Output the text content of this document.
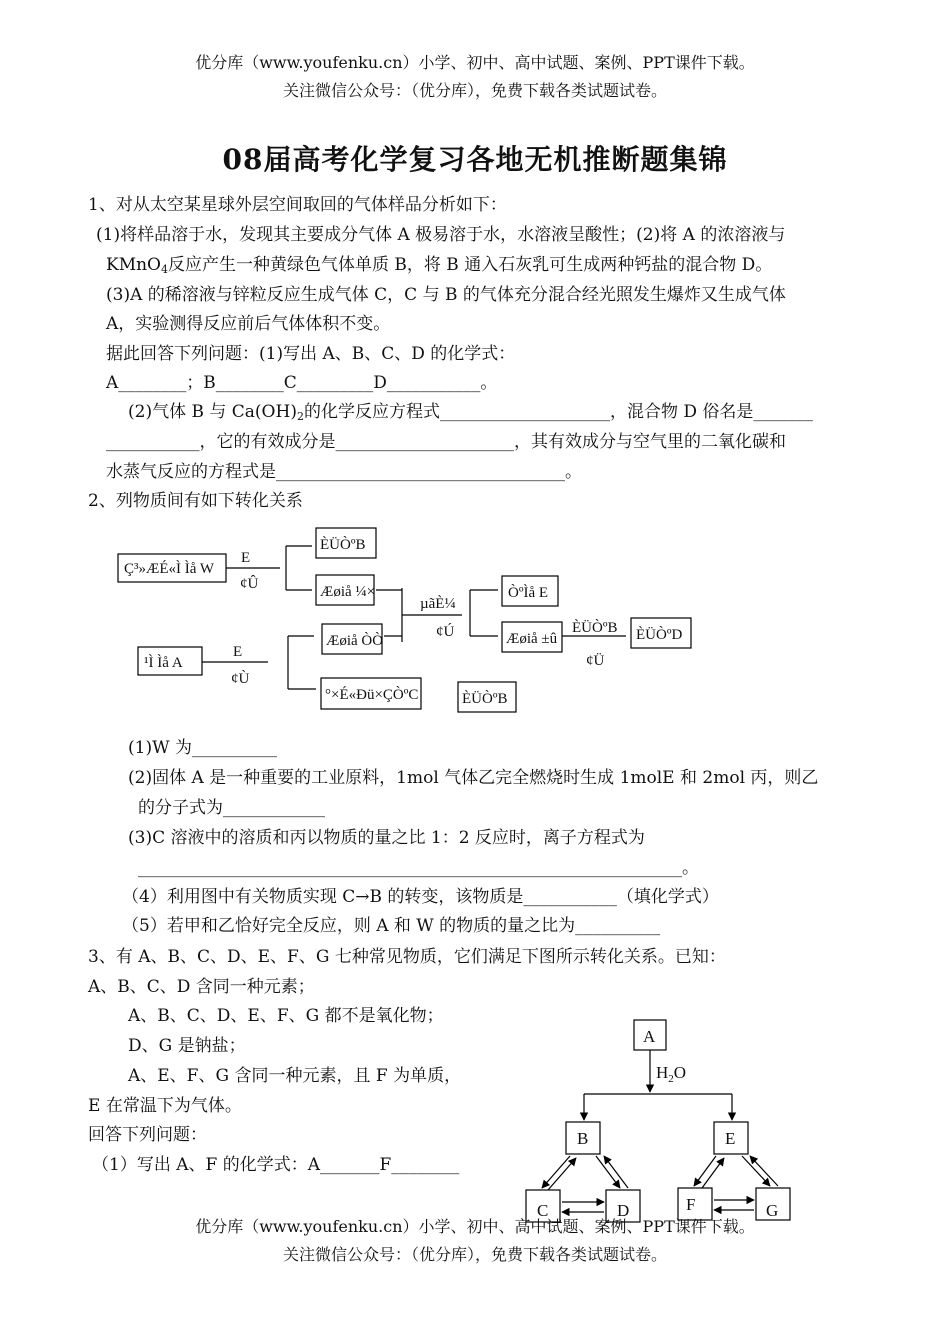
优分库（www.youfenku.cn）小学、初中、高中试题、案例、PPT课件下载。
关注微信公众号：（优分库），免费下载各类试题试卷。
08届高考化学复习各地无机推断题集锦
1、对从太空某星球外层空间取回的气体样品分析如下：
(1)将样品溶于水，发现其主要成分气体 A 极易溶于水，水溶液呈酸性；(2)将 A 的浓溶液与
KMnO$_4$反应产生一种黄绿色气体单质 B，将 B 通入石灰乳可生成两种钙盐的混合物 D。
(3)A 的稀溶液与锌粒反应生成气体 C，C 与 B 的气体充分混合经光照发生爆炸又生成气体
A，实验测得反应前后气体体积不变。
据此回答下列问题：(1)写出 A、B、C、D 的化学式：
A________；B________C_________D___________。
(2)气体 B 与 $Ca(OH)_2$的化学反应方程式____________________，混合物 D 俗名是_______
___________，它的有效成分是_____________________，其有效成分与空气里的二氧化碳和
水蒸气反应的方程式是__________________________________。
2、列物质间有如下转化关系
Ç³»ÆÉ«Ì Ìå W
ÈÜÒºB
Æøiå ¼×
Æøiå ÒÒ
¹Ì Ìå A
°×É«Ðü×ÇÒºC	ÈÜÒºB
ÒºÌå E
Æøiå ±û	ÈÜÒºD
E
¢Û
E
¢Ù
µãÈ¼
¢Ú	ÈÜÒºB
¢Ü
(1)W 为__________
(2)固体 A 是一种重要的工业原料，1mol 气体乙完全燃烧时生成 1molE 和 2mol 丙，则乙
的分子式为____________
(3)C 溶液中的溶质和丙以物质的量之比 1：2 反应时，离子方程式为
________________________________________________________________。
（4）利用图中有关物质实现 C→B 的转变，该物质是___________（填化学式）
（5）若甲和乙恰好完全反应，则 A 和 W 的物质的量之比为__________
3、有 A、B、C、D、E、F、G 七种常见物质，它们满足下图所示转化关系。已知：
A、B、C、D 含同一种元素；
A、B、C、D、E、F、G 都不是氧化物；
D、G 是钠盐；
A、E、F、G 含同一种元素，且 F 为单质，
E 在常温下为气体。
回答下列问题：
（1）写出 A、F 的化学式：A_______F________
A
$H_2O$
B	E
C	D	F	G
优分库（www.youfenku.cn）小学、初中、高中试题、案例、PPT课件下载。
关注微信公众号：（优分库），免费下载各类试题试卷。
